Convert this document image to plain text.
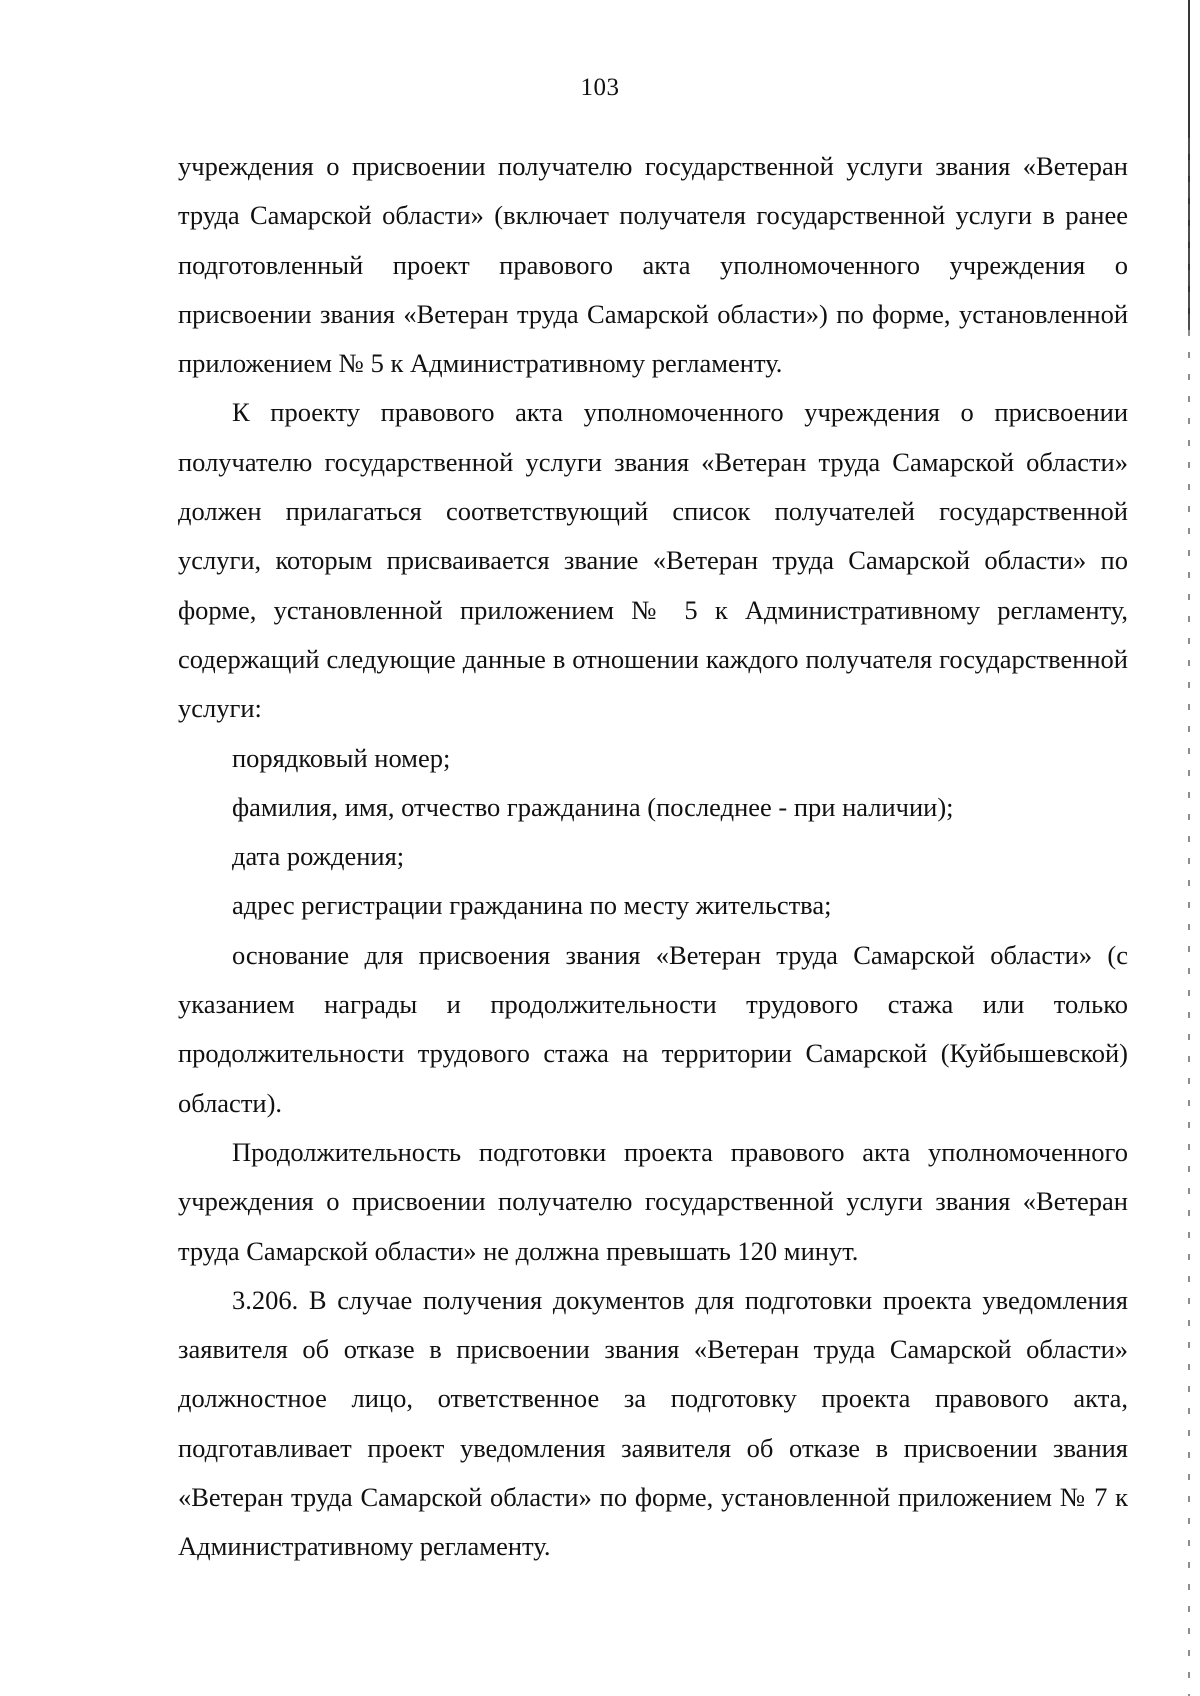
103

учреждения о присвоении получателю государственной услуги звания «Ветеран труда Самарской области» (включает получателя государственной услуги в ранее подготовленный проект правового акта уполномоченного учреждения о присвоении звания «Ветеран труда Самарской области») по форме, установленной приложением № 5 к Административному регламенту.

К проекту правового акта уполномоченного учреждения о присвоении получателю государственной услуги звания «Ветеран труда Самарской области» должен прилагаться соответствующий список получателей государственной услуги, которым присваивается звание «Ветеран труда Самарской области» по форме, установленной приложением № 5 к Административному регламенту, содержащий следующие данные в отношении каждого получателя государственной услуги:

порядковый номер;

фамилия, имя, отчество гражданина (последнее - при наличии);

дата рождения;

адрес регистрации гражданина по месту жительства;

основание для присвоения звания «Ветеран труда Самарской области» (с указанием награды и продолжительности трудового стажа или только продолжительности трудового стажа на территории Самарской (Куйбышевской) области).

Продолжительность подготовки проекта правового акта уполномоченного учреждения о присвоении получателю государственной услуги звания «Ветеран труда Самарской области» не должна превышать 120 минут.

3.206. В случае получения документов для подготовки проекта уведомления заявителя об отказе в присвоении звания «Ветеран труда Самарской области» должностное лицо, ответственное за подготовку проекта правового акта, подготавливает проект уведомления заявителя об отказе в присвоении звания «Ветеран труда Самарской области» по форме, установленной приложением № 7 к Административному регламенту.
